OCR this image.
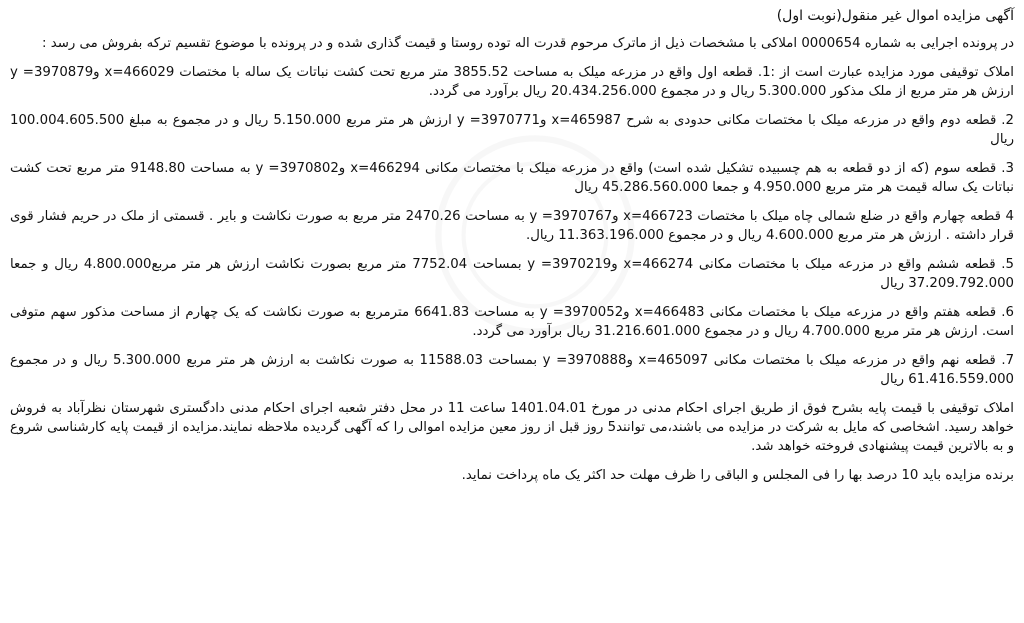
آگهی مزایده اموال غیر منقول(نوبت اول)
در پرونده اجرایی به شماره 0000654 املاکی با مشخصات ذیل از ماترک مرحوم قدرت اله توده روستا و قیمت گذاری شده و در پرونده با موضوع تقسیم ترکه بفروش می رسد :
املاک توقیفی مورد مزایده عبارت است از :1. قطعه اول واقع در مزرعه میلک به مساحت 3855.52 متر مربع تحت کشت نباتات یک ساله با مختصات x=466029 وy =3970879 ارزش هر متر مربع از ملک مذکور 5.300.000 ریال و در مجموع 20.434.256.000 ریال برآورد می گردد.
2. قطعه دوم واقع در مزرعه میلک با مختصات مکانی حدودی به شرح x=465987 وy =3970771 ارزش هر متر مربع 5.150.000 ریال و در مجموع به مبلغ 100.004.605.500 ریال
3. قطعه سوم (که از دو قطعه به هم چسبیده تشکیل شده است) واقع در مزرعه میلک با مختصات مکانی x=466294 وy =3970802 به مساحت 9148.80 متر مربع تحت کشت نباتات یک ساله قیمت هر متر مربع 4.950.000 و جمعا 45.286.560.000 ریال
4 قطعه چهارم واقع در ضلع شمالی چاه میلک با مختصات x=466723 وy =3970767 به مساحت 2470.26 متر مربع به صورت نکاشت و بایر . قسمتی از ملک در حریم فشار قوی قرار داشته . ارزش هر متر مربع 4.600.000 ریال و در مجموع 11.363.196.000 ریال.
5. قطعه ششم واقع در مزرعه میلک با مختصات مکانی x=466274 وy =3970219 بمساحت 7752.04 متر مربع بصورت نکاشت ارزش هر متر مربع4.800.000 ریال و جمعا 37.209.792.000 ریال
6. قطعه هفتم واقع در مزرعه میلک با مختصات مکانی x=466483 وy =3970052 به مساحت 6641.83 مترمربع به صورت نکاشت که یک چهارم از مساحت مذکور سهم متوفی است. ارزش هر متر مربع 4.700.000 ریال و در مجموع 31.216.601.000 ریال برآورد می گردد.
7. قطعه نهم واقع در مزرعه میلک با مختصات مکانی x=465097 وy =3970888 بمساحت 11588.03 به صورت نکاشت به ارزش هر متر مربع 5.300.000 ریال و در مجموع 61.416.559.000 ریال
املاک توقیفی با قیمت پایه بشرح فوق از طریق اجرای احکام مدنی در مورخ 1401.04.01 ساعت 11 در محل دفتر شعبه اجرای احکام مدنی دادگستری شهرستان نظرآباد به فروش خواهد رسید. اشخاصی که مایل به شرکت در مزایده می باشند،می توانند5 روز قبل از روز معین مزایده اموالی را که آگهی گردیده ملاحظه نمایند.مزایده از قیمت پایه کارشناسی شروع و به بالاترین قیمت پیشنهادی فروخته خواهد شد.
برنده مزایده باید 10 درصد بها را فی المجلس و الباقی را ظرف مهلت حد اکثر یک ماه پرداخت نماید.
